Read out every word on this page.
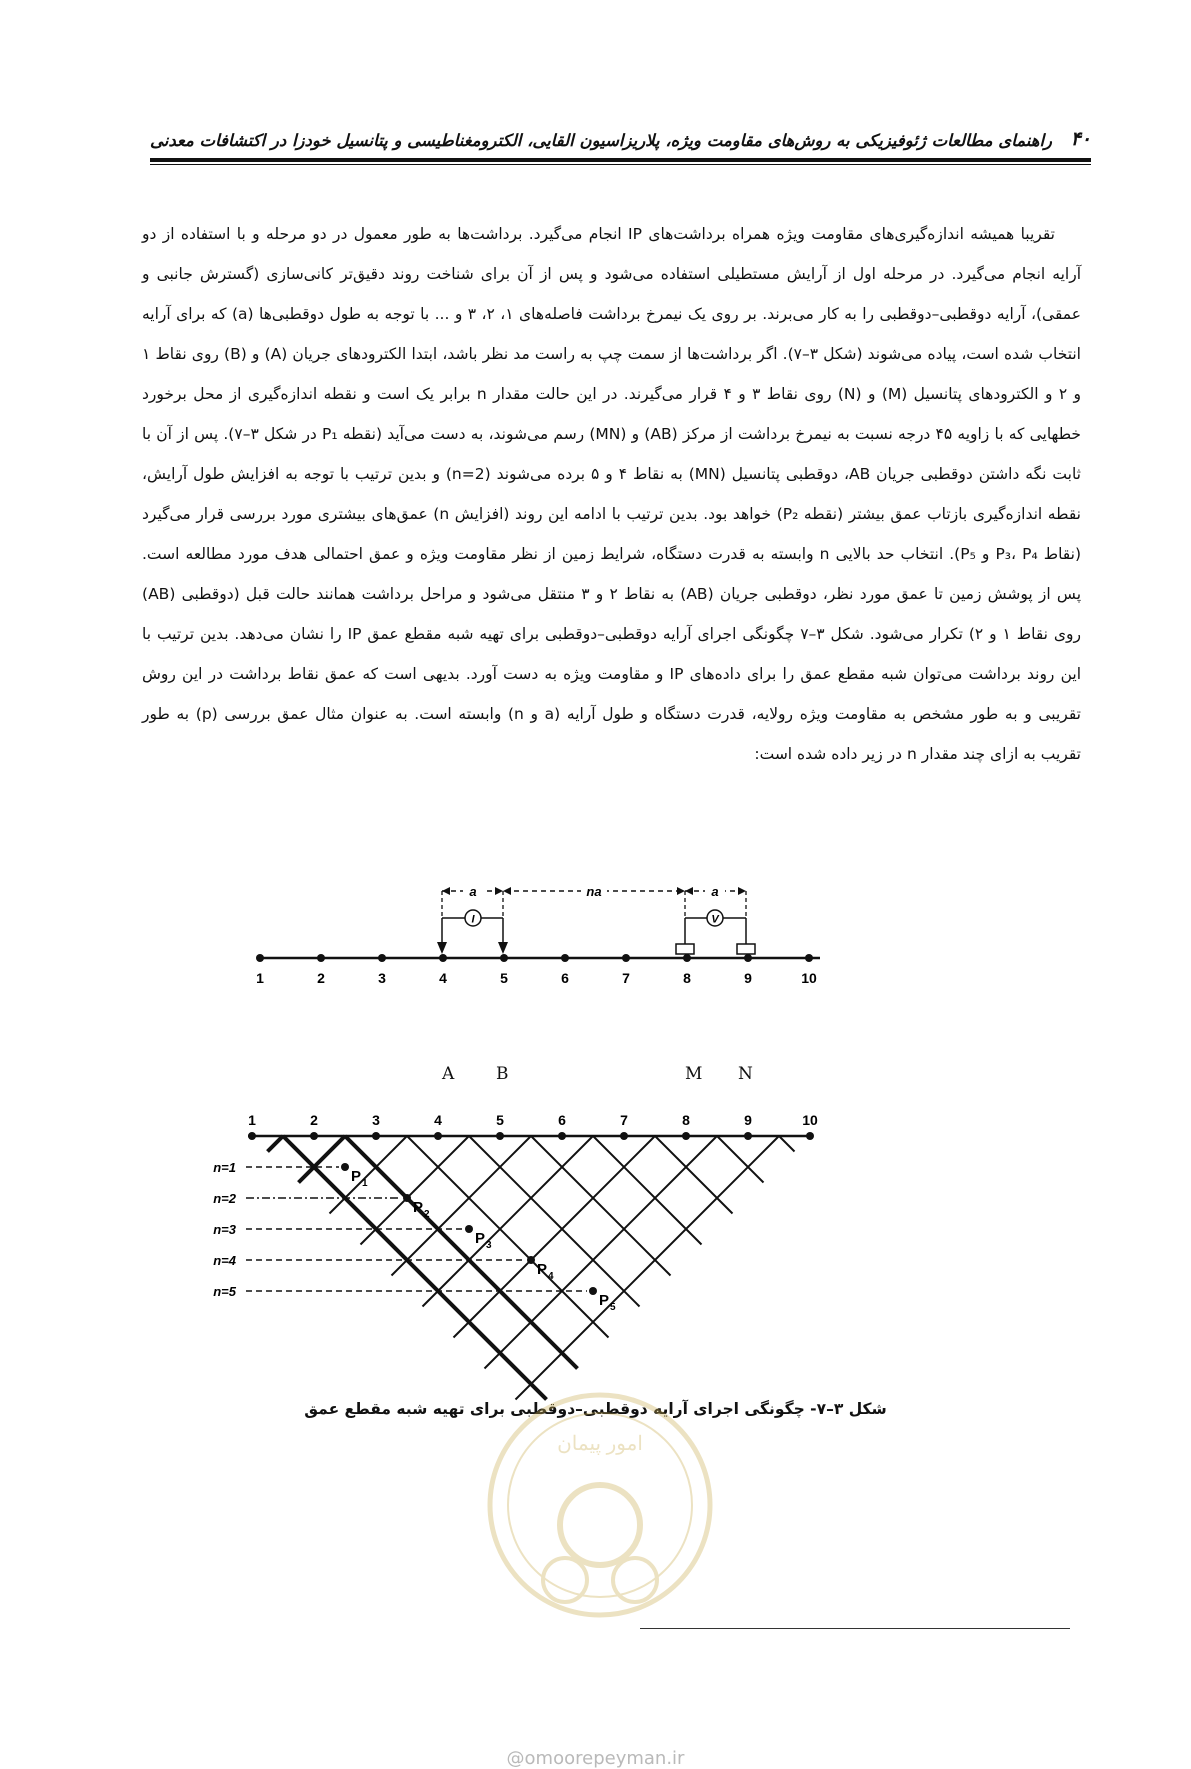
۴۰
راهنمای مطالعات ژئوفیزیکی به روش‌های مقاومت ویژه، پلاریزاسیون القایی، الکترومغناطیسی و پتانسیل خودزا در اکتشافات معدنی

تقریبا همیشه اندازه‌گیری‌های مقاومت ویژه همراه برداشت‌های IP انجام می‌گیرد. برداشت‌ها به طور معمول در دو مرحله و با استفاده از دو آرایه انجام می‌گیرد. در مرحله اول از آرایش مستطیلی استفاده می‌شود و پس از آن برای شناخت روند دقیق‌تر کانی‌سازی (گسترش جانبی و عمقی)، آرایه دوقطبی–دوقطبی را به کار می‌برند. بر روی یک نیمرخ برداشت فاصله‌های ۱، ۲، ۳ و ... با توجه به طول دوقطبی‌ها (a) که برای آرایه انتخاب شده است، پیاده می‌شوند (شکل ۳–۷). اگر برداشت‌ها از سمت چپ به راست مد نظر باشد، ابتدا الکترودهای جریان (A) و (B) روی نقاط ۱ و ۲ و الکترودهای پتانسیل (M) و (N) روی نقاط ۳ و ۴ قرار می‌گیرند. در این حالت مقدار n برابر یک است و نقطه اندازه‌گیری از محل برخورد خطهایی که با زاویه ۴۵ درجه نسبت به نیمرخ برداشت از مرکز (AB) و (MN) رسم می‌شوند، به دست می‌آید (نقطه P₁ در شکل ۳–۷). پس از آن با ثابت نگه داشتن دوقطبی جریان AB، دوقطبی پتانسیل (MN) به نقاط ۴ و ۵ برده می‌شوند (n=2) و بدین ترتیب با توجه به افزایش طول آرایش، نقطه اندازه‌گیری بازتاب عمق بیشتر (نقطه P₂) خواهد بود. بدین ترتیب با ادامه این روند (افزایش n) عمق‌های بیشتری مورد بررسی قرار می‌گیرد (نقاط P₃، P₄ و P₅). انتخاب حد بالایی n وابسته به قدرت دستگاه، شرایط زمین از نظر مقاومت ویژه و عمق احتمالی هدف مورد مطالعه است. پس از پوشش زمین تا عمق مورد نظر، دوقطبی جریان (AB) به نقاط ۲ و ۳ منتقل می‌شود و مراحل برداشت همانند حالت قبل (دوقطبی (AB) روی نقاط ۱ و ۲) تکرار می‌شود. شکل ۳–۷ چگونگی اجرای آرایه دوقطبی–دوقطبی برای تهیه شبه مقطع عمق IP را نشان می‌دهد. بدین ترتیب با این روند برداشت می‌توان شبه مقطع عمق را برای داده‌های IP و مقاومت ویژه به دست آورد. بدیهی است که عمق نقاط برداشت در این روش تقریبی و به طور مشخص به مقاومت ویژه رولایه، قدرت دستگاه و طول آرایه (a و n) وابسته است. به عنوان مثال عمق بررسی (p) به طور تقریب به ازای چند مقدار n در زیر داده شده است:

a	na	a
I	V
1	2	3	4	5	6	7	8	9	10
A B	M N
1	2	3	4	5	6	7	8	9	10
n=1
n=2
n=3
n=4
n=5
P 1
P 2
P 3
P 4
P 5
شکل ۳–۷- چگونگی اجرای آرایه دوقطبی–دوقطبی برای تهیه شبه مقطع عمق
امور پیمان
@omoorepeyman.ir
